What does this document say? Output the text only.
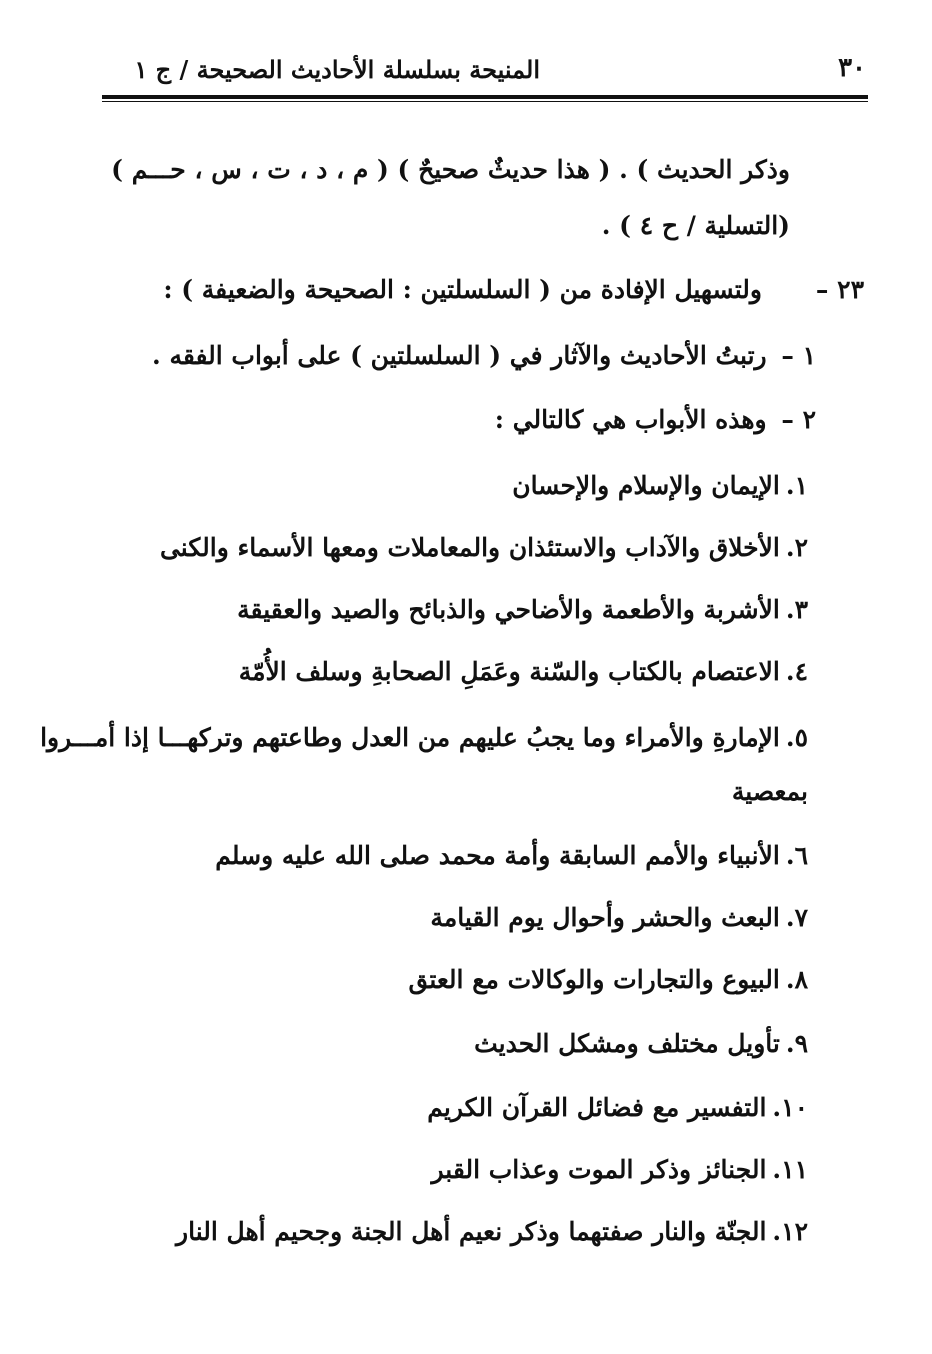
المنيحة بسلسلة الأحاديث الصحيحة / ج ١	٣٠
وذكر الحديث ) . ( هذا حديثٌ صحيحٌ ) ( م ، د ، ت ، س ، حـــم )
(التسلية / ح ٤ ) .
٢٣ –
ولتسهيل الإفادة من ( السلسلتين : الصحيحة والضعيفة ) :
١ – رتبتُ الأحاديث والآثار في ( السلسلتين ) على أبواب الفقه .
٢ – وهذه الأبواب هي كالتالي :
١.الإيمان والإسلام والإحسان
٢.الأخلاق والآداب والاستئذان والمعاملات ومعها الأسماء والكنى
٣.الأشربة والأطعمة والأضاحي والذبائح والصيد والعقيقة
٤.الاعتصام بالكتاب والسّنة وعَمَلِ الصحابةِ وسلف الأُمّة
٥.الإمارةِ والأمراء وما يجبُ عليهم من العدل وطاعتهم وتركهـــا إذا أمـــروا
بمعصية
٦.الأنبياء والأمم السابقة وأمة محمد صلى الله عليه وسلم
٧.البعث والحشر وأحوال يوم القيامة
٨.البيوع والتجارات والوكالات مع العتق
٩.تأويل مختلف ومشكل الحديث
١٠.التفسير مع فضائل القرآن الكريم
١١.الجنائز وذكر الموت وعذاب القبر
١٢.الجنّة والنار صفتهما وذكر نعيم أهل الجنة وجحيم أهل النار
